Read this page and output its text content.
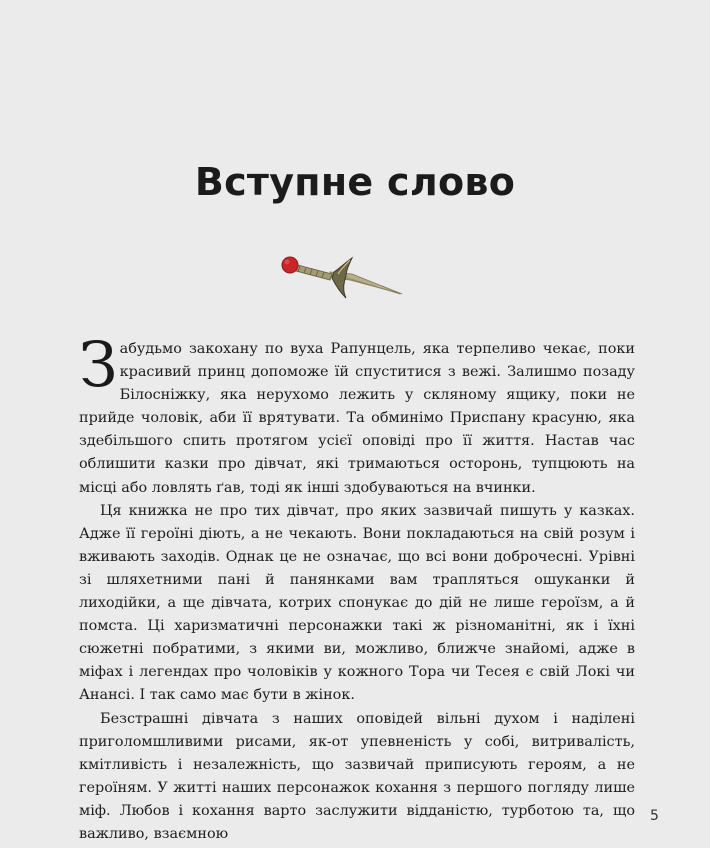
Вступне слово

Забудьмо закохану по вуха Рапунцель, яка терпеливо чекає, поки красивий принц допоможе їй спуститися з вежі. Залишмо позаду Білосніжку, яка нерухомо лежить у скляному ящику, поки не прийде чоловік, аби її врятувати. Та обминімо Приспану красуню, яка здебільшого спить протягом усієї оповіді про її життя. Настав час облишити казки про дівчат, які тримаються осторонь, тупцюють на місці або ловлять ґав, тоді як інші здобуваються на вчинки.

Ця книжка не про тих дівчат, про яких зазвичай пишуть у казках. Адже її героїні діють, а не чекають. Вони покладаються на свій розум і вживають заходів. Однак це не означає, що всі вони доброчесні. Урівні зі шляхетними пані й панянками вам трапляться ошуканки й лиходійки, а ще дівчата, котрих спонукає до дій не лише героїзм, а й помста. Ці харизматичні персонажки такі ж різноманітні, як і їхні сюжетні побратими, з якими ви, можливо, ближче знайомі, адже в міфах і легендах про чоловіків у кожного Тора чи Тесея є свій Локі чи Анансі. І так само має бути в жінок.

Безстрашні дівчата з наших оповідей вільні духом і наділені приголомшливими рисами, як-от упевненість у собі, витривалість, кмітливість і незалежність, що зазвичай приписують героям, а не героїням. У житті наших персонажок кохання з першого погляду лише міф. Любов і кохання варто заслужити відданістю, турботою та, що важливо, взаємною

5
